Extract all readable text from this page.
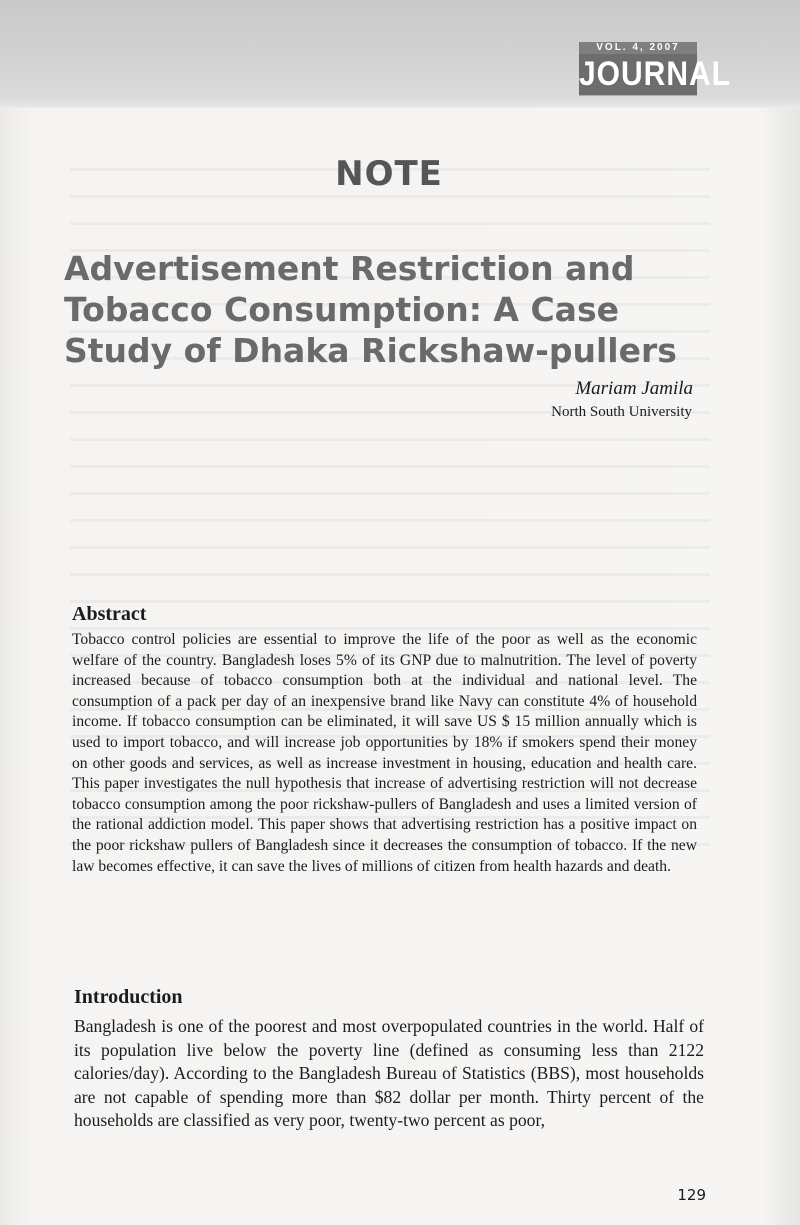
VOL. 4, 2007
JOURNAL
NOTE
Advertisement Restriction and Tobacco Consumption: A Case Study of Dhaka Rickshaw-pullers
Mariam Jamila
North South University
Abstract

Tobacco control policies are essential to improve the life of the poor as well as the economic welfare of the country. Bangladesh loses 5% of its GNP due to malnutrition. The level of poverty increased because of tobacco consumption both at the individual and national level. The consumption of a pack per day of an inexpensive brand like Navy can constitute 4% of household income. If tobacco consumption can be eliminated, it will save US $ 15 million annually which is used to import tobacco, and will increase job opportunities by 18% if smokers spend their money on other goods and services, as well as increase investment in housing, education and health care. This paper investigates the null hypothesis that increase of advertising restriction will not decrease tobacco consumption among the poor rickshaw-pullers of Bangladesh and uses a limited version of the rational addiction model. This paper shows that advertising restriction has a positive impact on the poor rickshaw pullers of Bangladesh since it decreases the consumption of tobacco. If the new law becomes effective, it can save the lives of millions of citizen from health hazards and death.

Introduction

Bangladesh is one of the poorest and most overpopulated countries in the world. Half of its population live below the poverty line (defined as consuming less than 2122 calories/day). According to the Bangladesh Bureau of Statistics (BBS), most households are not capable of spending more than $82 dollar per month. Thirty percent of the households are classified as very poor, twenty-two percent as poor,

129
